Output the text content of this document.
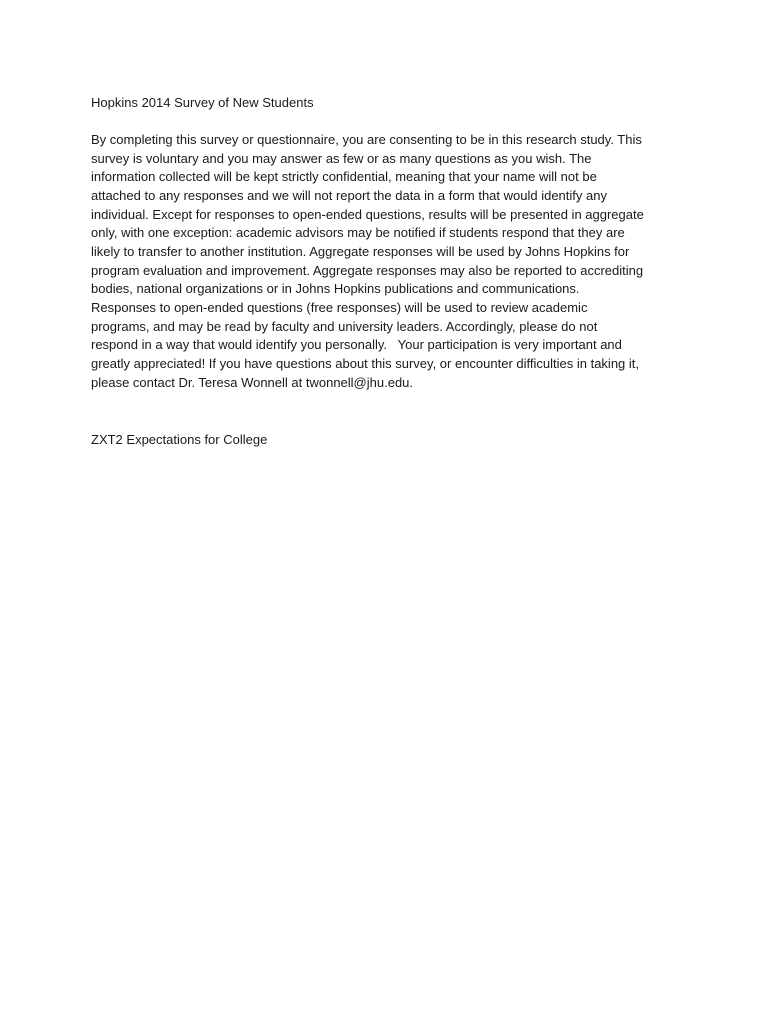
Hopkins 2014 Survey of New Students
By completing this survey or questionnaire, you are consenting to be in this research study. This
survey is voluntary and you may answer as few or as many questions as you wish. The
information collected will be kept strictly confidential, meaning that your name will not be
attached to any responses and we will not report the data in a form that would identify any
individual. Except for responses to open-ended questions, results will be presented in aggregate
only, with one exception: academic advisors may be notified if students respond that they are
likely to transfer to another institution. Aggregate responses will be used by Johns Hopkins for
program evaluation and improvement. Aggregate responses may also be reported to accrediting
bodies, national organizations or in Johns Hopkins publications and communications.
Responses to open-ended questions (free responses) will be used to review academic
programs, and may be read by faculty and university leaders. Accordingly, please do not
respond in a way that would identify you personally.   Your participation is very important and
greatly appreciated! If you have questions about this survey, or encounter difficulties in taking it,
please contact Dr. Teresa Wonnell at twonnell@jhu.edu.
ZXT2 Expectations for College
